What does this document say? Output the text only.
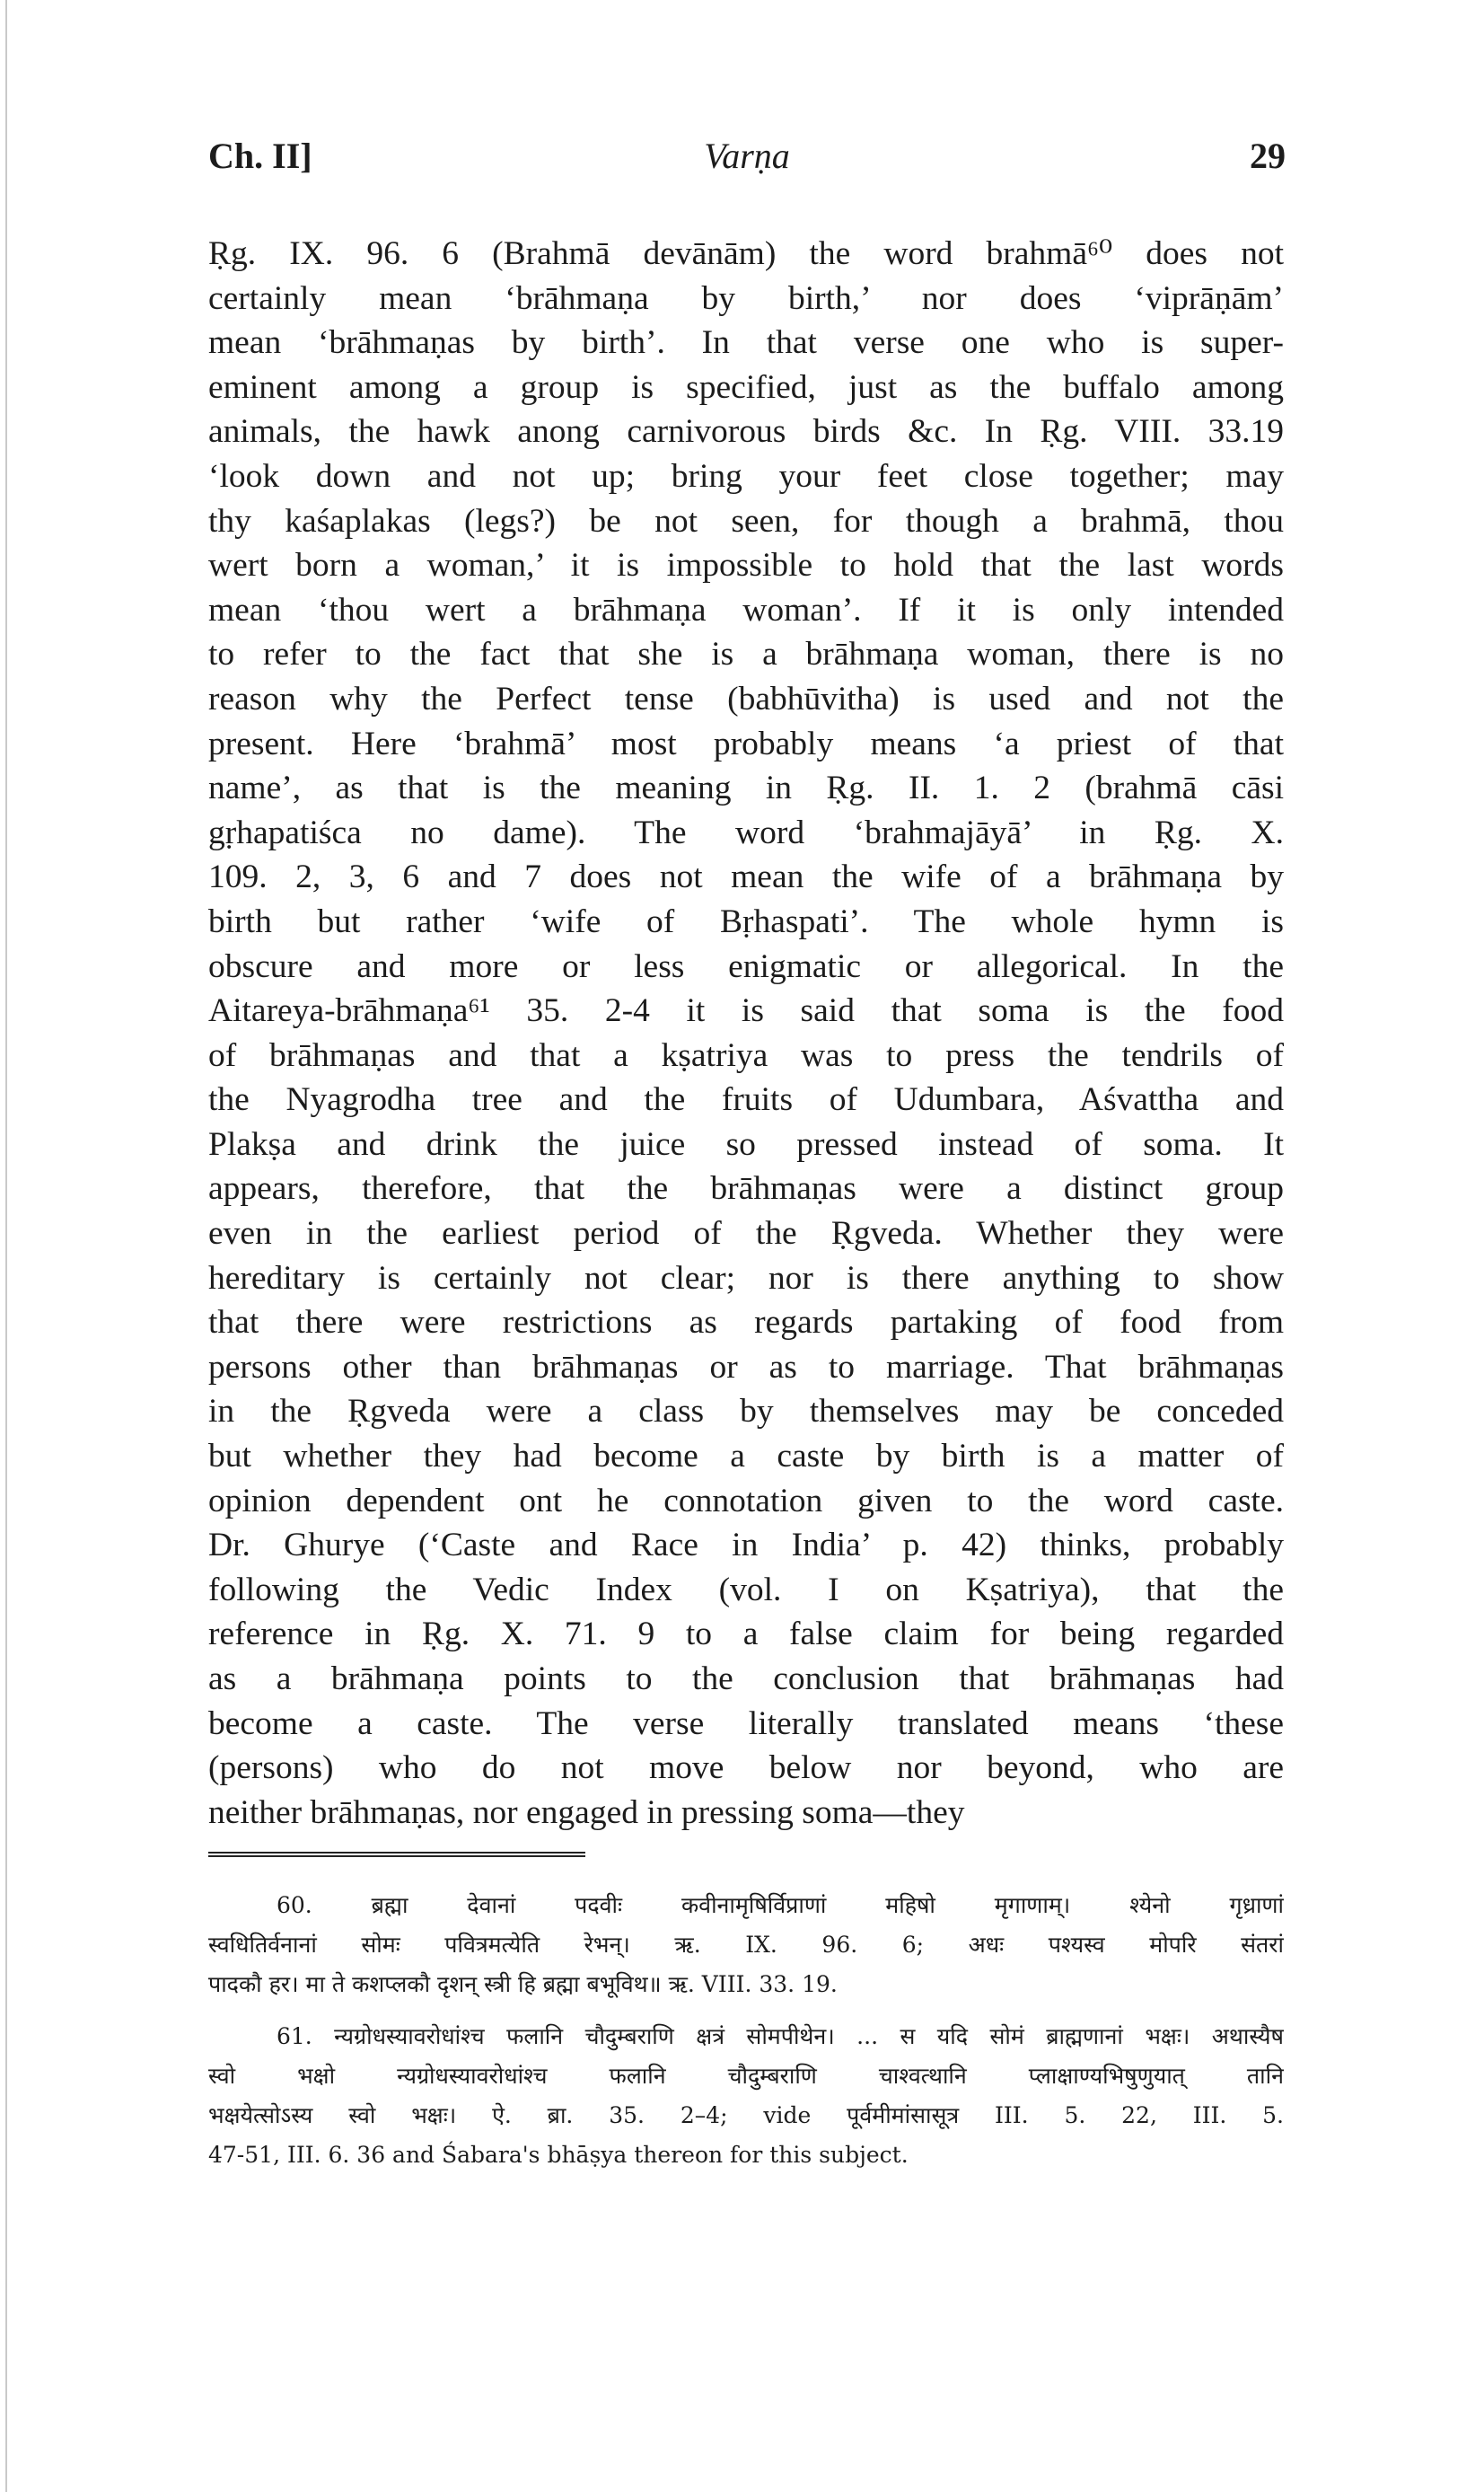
Varṇa
Ch. II]	29
Ṛg. IX. 96. 6 (Brahmā devānām) the word brahmā⁶⁰ does not
certainly mean ‘brāhmaṇa by birth,’ nor does ‘viprāṇām’
mean ‘brāhmaṇas by birth’. In that verse one who is super-
eminent among a group is specified, just as the buffalo among
animals, the hawk anong carnivorous birds &c. In Ṛg. VIII. 33.19
‘look down and not up; bring your feet close together; may
thy kaśaplakas (legs?) be not seen, for though a brahmā, thou
wert born a woman,’ it is impossible to hold that the last words
mean ‘thou wert a brāhmaṇa woman’. If it is only intended
to refer to the fact that she is a brāhmaṇa woman, there is no
reason why the Perfect tense (babhūvitha) is used and not the
present. Here ‘brahmā’ most probably means ‘a priest of that
name’, as that is the meaning in Ṛg. II. 1. 2 (brahmā cāsi
gṛhapatiśca no dame). The word ‘brahmajāyā’ in Ṛg. X.
109. 2, 3, 6 and 7 does not mean the wife of a brāhmaṇa by
birth but rather ‘wife of Bṛhaspati’. The whole hymn is
obscure and more or less enigmatic or allegorical. In the
Aitareya-brāhmaṇa⁶¹ 35. 2-4 it is said that soma is the food
of brāhmaṇas and that a kṣatriya was to press the tendrils of
the Nyagrodha tree and the fruits of Udumbara, Aśvattha and
Plakṣa and drink the juice so pressed instead of soma. It
appears, therefore, that the brāhmaṇas were a distinct group
even in the earliest period of the Ṛgveda. Whether they were
hereditary is certainly not clear; nor is there anything to show
that there were restrictions as regards partaking of food from
persons other than brāhmaṇas or as to marriage. That brāhmaṇas
in the Ṛgveda were a class by themselves may be conceded
but whether they had become a caste by birth is a matter of
opinion dependent ont he connotation given to the word caste.
Dr. Ghurye (‘Caste and Race in India’ p. 42) thinks, probably
following the Vedic Index (vol. I on Kṣatriya), that the
reference in Ṛg. X. 71. 9 to a false claim for being regarded
as a brāhmaṇa points to the conclusion that brāhmaṇas had
become a caste. The verse literally translated means ‘these
(persons) who do not move below nor beyond, who are
neither brāhmaṇas, nor engaged in pressing soma—they
60. ब्रह्मा देवानां पदवीः कवीनामृषिर्विप्राणां महिषो मृगाणाम्। श्येनो गृध्राणां
स्वधितिर्वनानां सोमः पवित्रमत्येति रेभन्। ऋ. IX. 96. 6; अधः पश्यस्व मोपरि संतरां
पादकौ हर। मा ते कशप्लकौ दृशन् स्त्री हि ब्रह्मा बभूविथ॥ ऋ. VIII. 33. 19.
61. न्यग्रोधस्यावरोधांश्च फलानि चौदुम्बराणि क्षत्रं सोमपीथेन। ... स यदि सोमं ब्राह्मणानां भक्षः। अथास्यैष
स्वो भक्षो न्यग्रोधस्यावरोधांश्च फलानि चौदुम्बराणि चाश्वत्थानि प्लाक्षाण्यभिषुणुयात् तानि
भक्षयेत्सोऽस्य स्वो भक्षः। ऐ. ब्रा. 35. 2–4; vide पूर्वमीमांसासूत्र III. 5. 22, III. 5.
47-51, III. 6. 36 and Śabara's bhāṣya thereon for this subject.
